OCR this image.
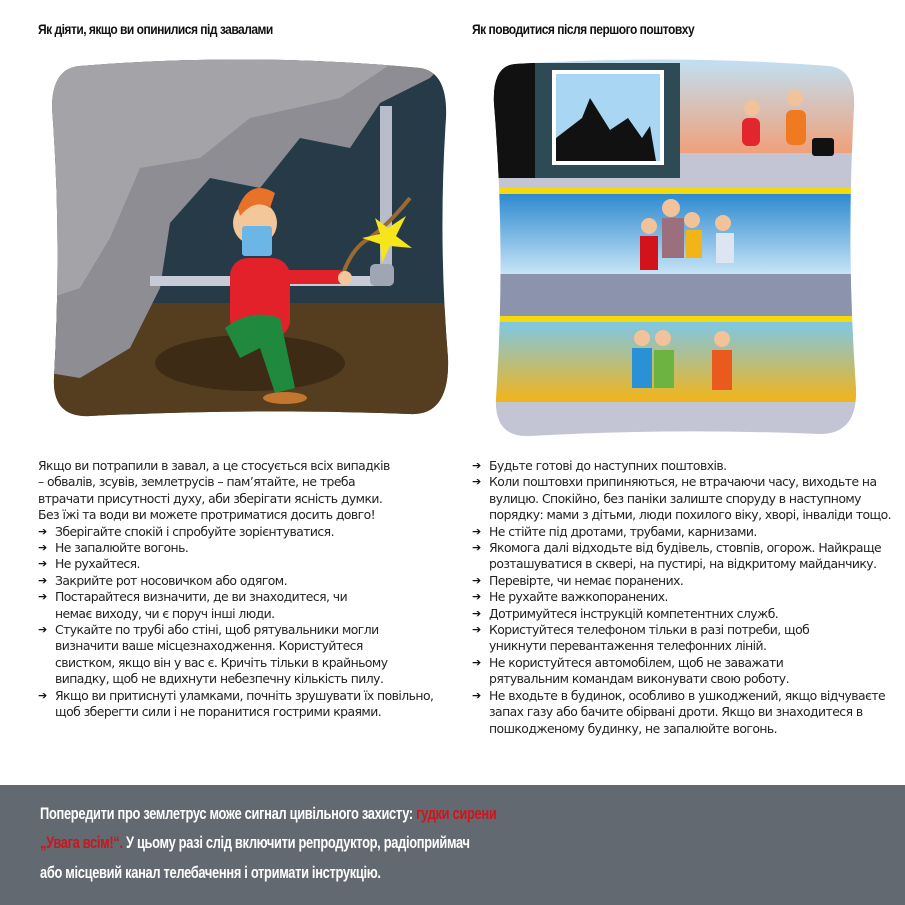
Як діяти, якщо ви опинилися під завалами	Як поводитися після першого поштовху

Якщо ви потрапили в завал, а це стосується всіх випадків
– обвалів, зсувів, землетрусів – пам’ятайте, не треба
втрачати присутності духу, аби зберігати ясність думки.
Без їжі та води ви можете протриматися досить довго!

➔ Зберігайте спокій і спробуйте зорієнтуватися.
➔ Не запалюйте вогонь.
➔ Не рухайтеся.
➔ Закрийте рот носовичком або одягом.
➔ Постарайтеся визначити, де ви знаходитеся, чи немає виходу, чи є поруч інші люди.
➔ Стукайте по трубі або стіні, щоб рятувальники могли визначити ваше місцезнаходження. Користуйтеся свистком, якщо він у вас є. Кричіть тільки в крайньому випадку, щоб не вдихнути небезпечну кількість пилу.
➔ Якщо ви притиснуті уламками, почніть зрушувати їх повільно, щоб зберегти сили і не поранитися гострими краями.
➔ Будьте готові до наступних поштовхів.
➔ Коли поштовхи припиняються, не втрачаючи часу, виходьте на вулицю. Спокійно, без паніки залиште споруду в наступному порядку: мами з дітьми, люди похилого віку, хворі, інваліди тощо.
➔ Не стійте під дротами, трубами, карнизами.
➔ Якомога далі відходьте від будівель, стовпів, огорож. Найкраще розташуватися в сквері, на пустирі, на відкритому майданчику.
➔ Перевірте, чи немає поранених.
➔ Не рухайте важкопоранених.
➔ Дотримуйтеся інструкцій компетентних служб.
➔ Користуйтеся телефоном тільки в разі потреби, щоб уникнути перевантаження телефонних ліній.
➔ Не користуйтеся автомобілем, щоб не заважати рятувальним командам виконувати свою роботу.
➔ Не входьте в будинок, особливо в ушкоджений, якщо відчуваєте запах газу або бачите обірвані дроти. Якщо ви знаходитеся в пошкодженому будинку, не запалюйте вогонь.
Попередити про землетрус може сигнал цивільного захисту: гудки сирени
„Увага всім!“. У цьому разі слід включити репродуктор, радіоприймач
або місцевий канал телебачення і отримати інструкцію.
